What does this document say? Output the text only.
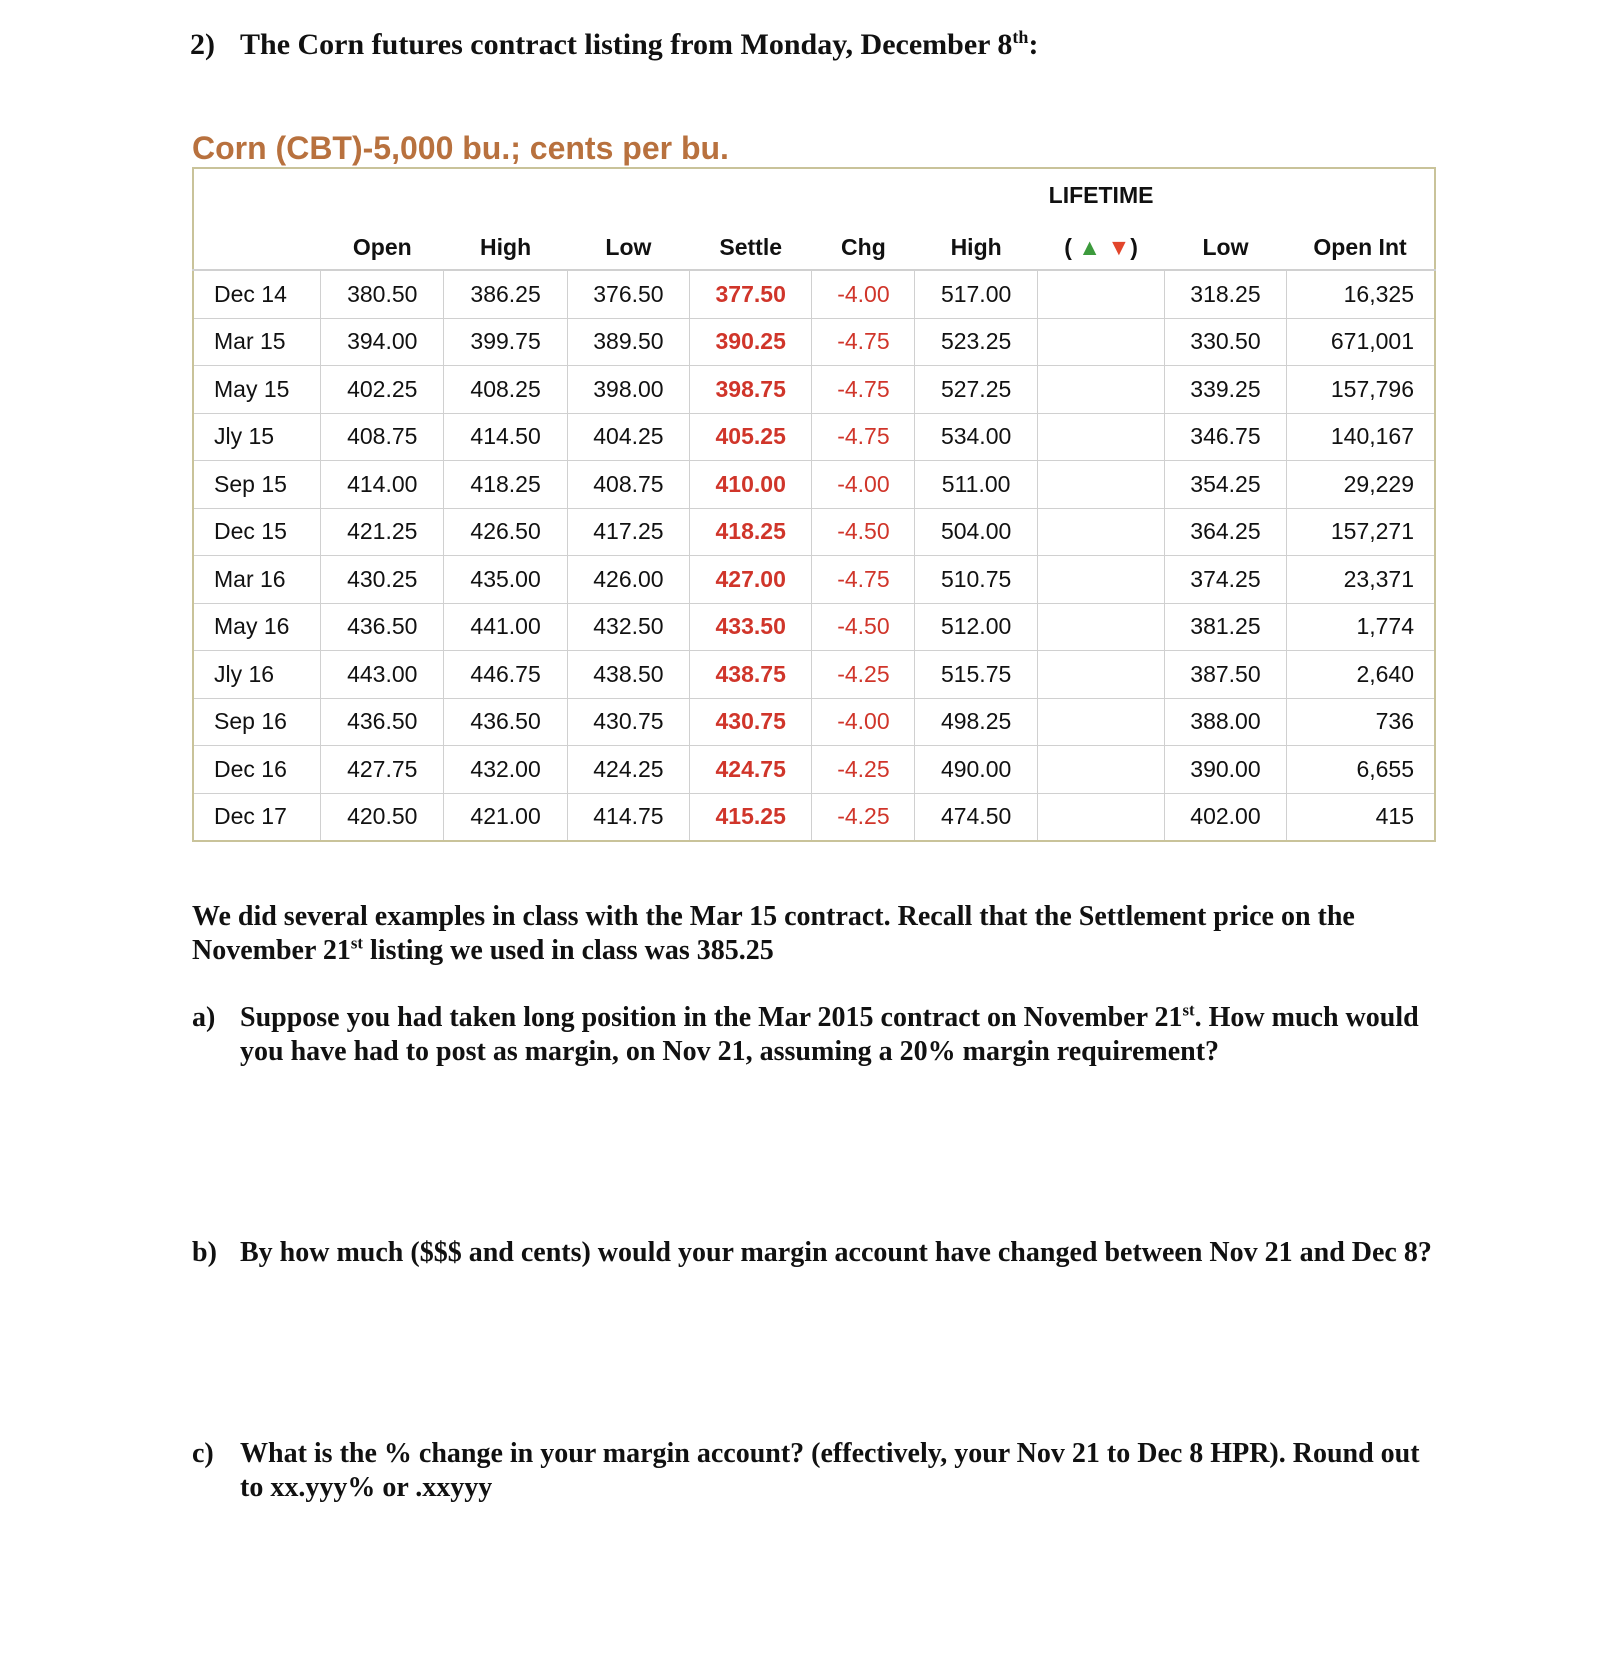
2) The Corn futures contract listing from Monday, December 8th:
Corn (CBT)-5,000 bu.; cents per bu.
							LIFETIME		
	Open	High	Low	Settle	Chg	High	( ▲ ▼)	Low	Open Int
Dec 14	380.50	386.25	376.50	377.50	-4.00	517.00		318.25	16,325
Mar 15	394.00	399.75	389.50	390.25	-4.75	523.25		330.50	671,001
May 15	402.25	408.25	398.00	398.75	-4.75	527.25		339.25	157,796
Jly 15	408.75	414.50	404.25	405.25	-4.75	534.00		346.75	140,167
Sep 15	414.00	418.25	408.75	410.00	-4.00	511.00		354.25	29,229
Dec 15	421.25	426.50	417.25	418.25	-4.50	504.00		364.25	157,271
Mar 16	430.25	435.00	426.00	427.00	-4.75	510.75		374.25	23,371
May 16	436.50	441.00	432.50	433.50	-4.50	512.00		381.25	1,774
Jly 16	443.00	446.75	438.50	438.75	-4.25	515.75		387.50	2,640
Sep 16	436.50	436.50	430.75	430.75	-4.00	498.25		388.00	736
Dec 16	427.75	432.00	424.25	424.75	-4.25	490.00		390.00	6,655
Dec 17	420.50	421.00	414.75	415.25	-4.25	474.50		402.00	415
We did several examples in class with the Mar 15 contract. Recall that the Settlement price on the November 21st listing we used in class was 385.25
a) Suppose you had taken long position in the Mar 2015 contract on November 21st. How much would you have had to post as margin, on Nov 21, assuming a 20% margin requirement?
b) By how much ($$$ and cents) would your margin account have changed between Nov 21 and Dec 8?
c) What is the % change in your margin account? (effectively, your Nov 21 to Dec 8 HPR). Round out to xx.yyy% or .xxyyy
